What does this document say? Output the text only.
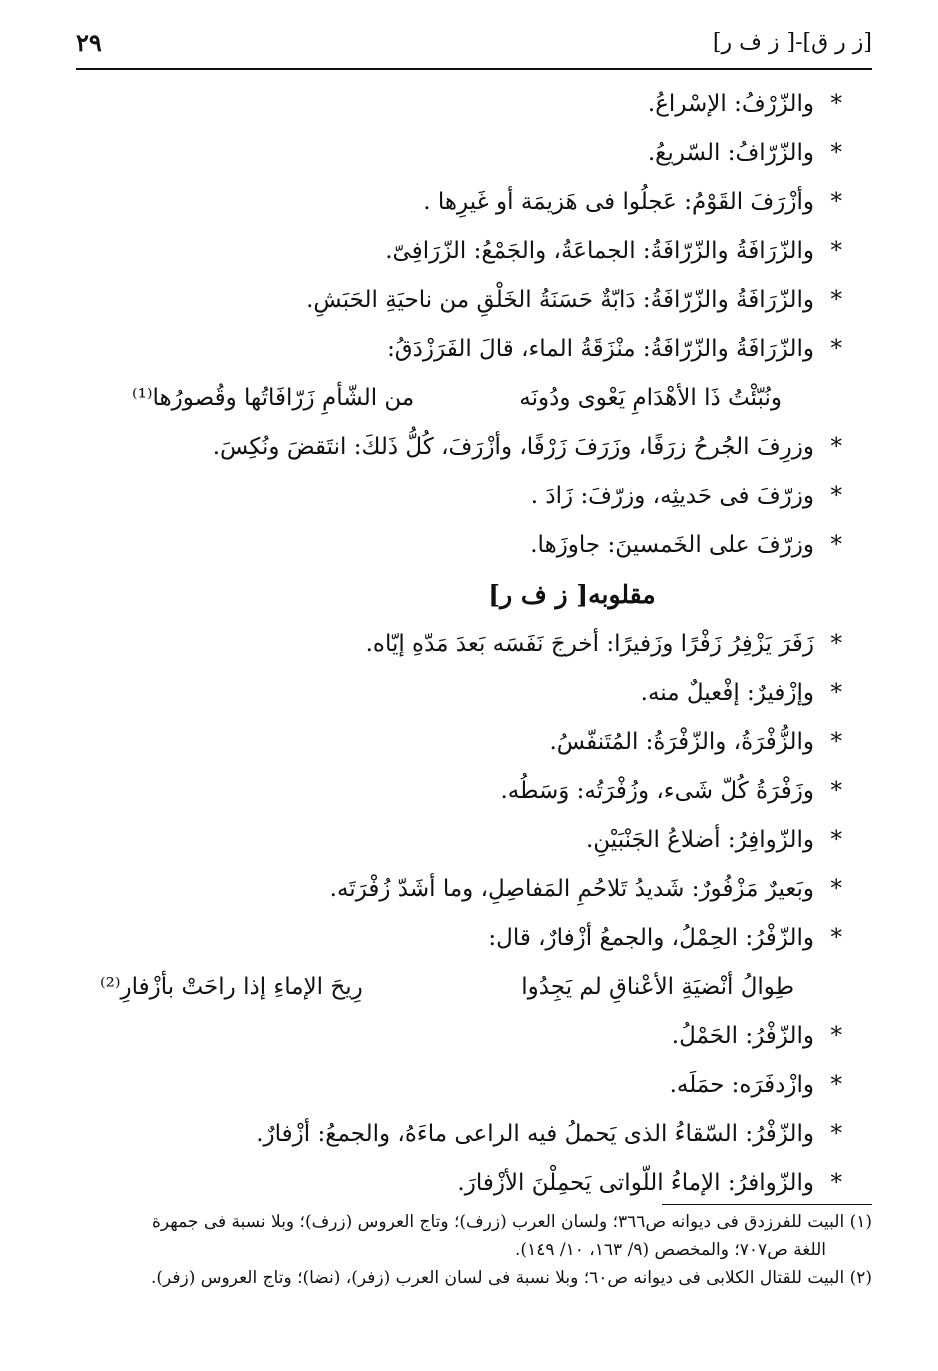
[ز ر ق]-[ ز ف ر]
٢٩
*والزّرْفُ: الإسْراعُ.
*والزّرّافُ: السّريعُ.
*وأزْرَفَ القَوْمُ: عَجلُوا فى هَزيمَة أو غَيرِها .
*والزّرَافَةُ والزّرّافَةُ: الجماعَةُ، والجَمْعُ: الزّرَافِىّ.
*والزّرَافَةُ والزّرّافَةُ: دَابّةٌ حَسَنَةُ الخَلْقِ من ناحيَةِ الحَبَشِ.
*والزّرَافَةُ والزّرّافَةُ: منْزَقَةُ الماء، قالَ الفَرَزْدَقُ:
ونُبّئْتُ ذَا الأهْدَامِ يَعْوى ودُونَه
من الشّأمِ زَرّافَاتُها وقُصورُها⁽¹⁾
*وزرِفَ الجُرحُ زرَفًا، وزَرَفَ زَرْفًا، وأزْرَفَ، كُلُّ ذَلكَ: انتَقضَ ونُكِسَ.
*وزرّفَ فى حَديثِه، وزرّفَ: زَادَ .
*وزرّفَ على الخَمسينَ: جاوزَها.
مقلوبه[ ز ف ر]
*زَفَرَ يَزْفِرُ زَفْرًا وزَفيرًا: أخرجَ نَفَسَه بَعدَ مَدّهِ إيّاه.
*وإزْفيرٌ: إفْعيلٌ منه.
*والزُّفْرَةُ، والزّفْرَةُ: المُتَنفّسُ.
*وزَفْرَةُ كُلّ شَىء، وزُفْرَتُه: وَسَطُه.
*والزّوافِرُ: أضلاعُ الجَنْبَيْنِ.
*وبَعيرٌ مَزْفُورٌ: شَديدُ تَلاحُمِ المَفاصِلِ، وما أشَدّ زُفْرَتَه.
*والزّفْرُ: الحِمْلُ، والجمعُ أزْفارٌ، قال:
طِوالُ أنْضيَةِ الأعْناقِ لم يَجِدُوا
رِيحَ الإماءِ إذا راحَتْ بأزْفارِ⁽²⁾
*والزّفْرُ: الحَمْلُ.
*وازْدفَرَه: حمَلَه.
*والزّفْرُ: السّقاءُ الذى يَحملُ فيه الراعى ماءَهُ، والجمعُ: أزْفارٌ.
*والزّوافرُ: الإماءُ اللّواتى يَحمِلْنَ الأزْفارَ.
(١) البيت للفرزدق فى ديوانه ص٣٦٦؛ ولسان العرب (زرف)؛ وتاج العروس (زرف)؛ وبلا نسبة فى جمهرة
اللغة ص٧٠٧؛ والمخصص (٩/ ١٦٣، ١٠/ ١٤٩).
(٢) البيت للقتال الكلابى فى ديوانه ص٦٠؛ وبلا نسبة فى لسان العرب (زفر)، (نضا)؛ وتاج العروس (زفر).
